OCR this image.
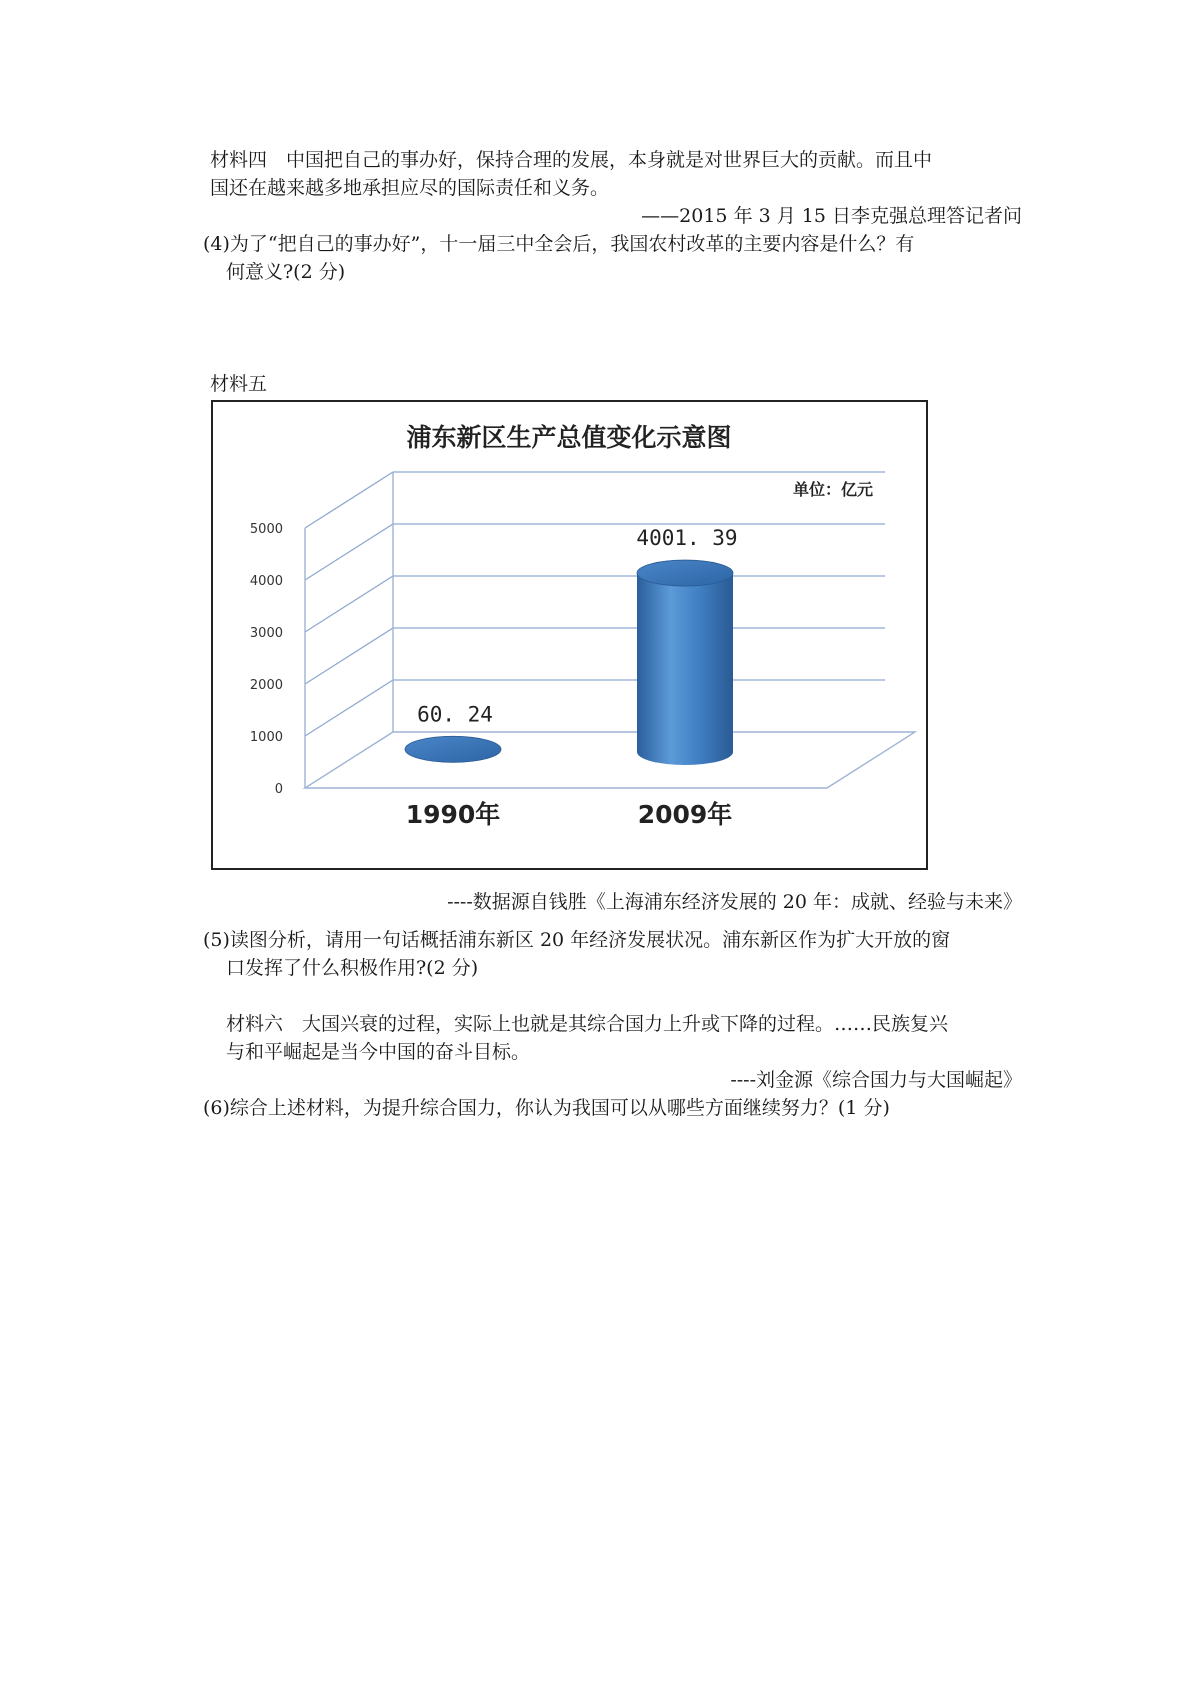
材料四　中国把自己的事办好，保持合理的发展，本身就是对世界巨大的贡献。而且中
国还在越来越多地承担应尽的国际责任和义务。
——2015 年 3 月 15 日李克强总理答记者问
(4)为了“把自己的事办好”，十一届三中全会后，我国农村改革的主要内容是什么？有
何意义?(2 分)
材料五
浦东新区生产总值变化示意图
单位：亿元
0
1000
2000
3000
4000
5000
60. 24
1990年
4001. 39
2009年
----数据源自钱胜《上海浦东经济发展的 20 年：成就、经验与未来》
(5)读图分析，请用一句话概括浦东新区 20 年经济发展状况。浦东新区作为扩大开放的窗
口发挥了什么积极作用?(2 分)
材料六　大国兴衰的过程，实际上也就是其综合国力上升或下降的过程。……民族复兴
与和平崛起是当今中国的奋斗目标。
----刘金源《综合国力与大国崛起》
(6)综合上述材料，为提升综合国力，你认为我国可以从哪些方面继续努力？(1 分)
